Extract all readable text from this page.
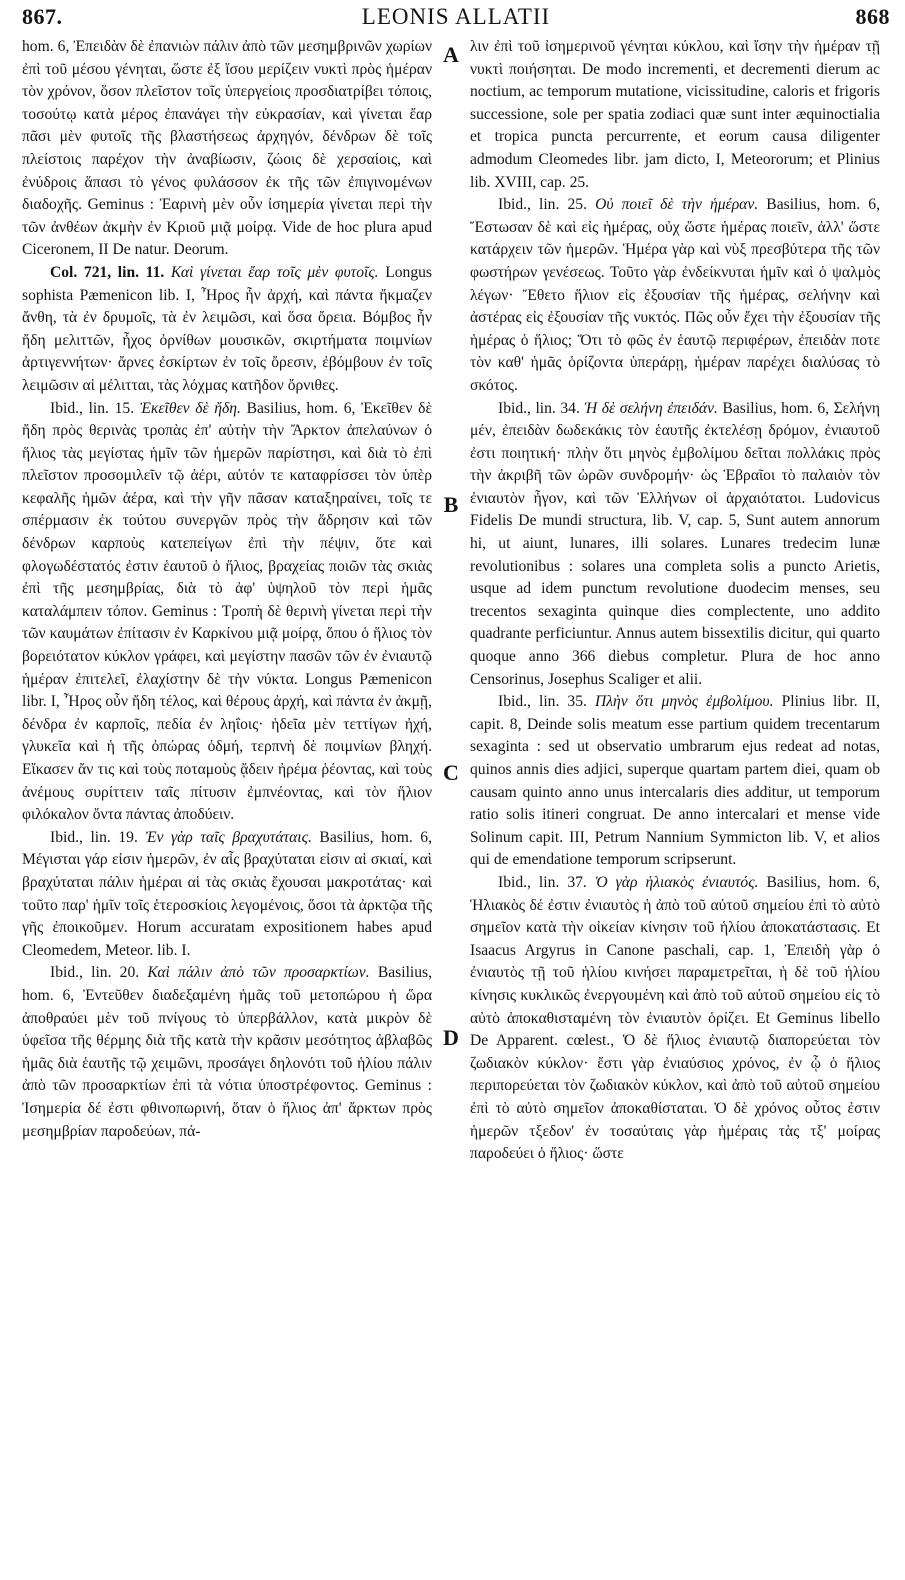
867.	LEONIS ALLATII	868
A
B
C
D

hom. 6, Ἐπειδὰν δὲ ἐπανιὼν πάλιν ἀπὸ τῶν μεσημβρινῶν χωρίων ἐπὶ τοῦ μέσου γένηται, ὥστε ἐξ ἴσου μερίζειν νυκτὶ πρὸς ἡμέραν τὸν χρόνον, ὅσον πλεῖστον τοῖς ὑπεργείοις προσδιατρίβει τόποις, τοσούτῳ κατὰ μέρος ἐπανάγει τὴν εὐκρασίαν, καὶ γίνεται ἔαρ πᾶσι μὲν φυτοῖς τῆς βλαστήσεως ἀρχηγόν, δένδρων δὲ τοῖς πλείστοις παρέχον τὴν ἀναβίωσιν, ζώοις δὲ χερσαίοις, καὶ ἐνύδροις ἅπασι τὸ γένος φυλάσσον ἐκ τῆς τῶν ἐπιγινομένων διαδοχῆς. Geminus : Ἐαρινὴ μὲν οὖν ἰσημερία γίνεται περὶ τὴν τῶν ἀνθέων ἀκμὴν ἐν Κριοῦ μιᾷ μοίρᾳ. Vide de hoc plura apud Ciceronem, II De natur. Deorum.

Col. 721, lin. 11. Καὶ γίνεται ἔαρ τοῖς μὲν φυτοῖς. Longus sophista Pæmenicon lib. I, Ἦρος ἦν ἀρχή, καὶ πάντα ἤκμαζεν ἄνθη, τὰ ἐν δρυμοῖς, τὰ ἐν λειμῶσι, καὶ ὅσα ὄρεια. Βόμβος ἦν ἤδη μελιττῶν, ἦχος ὀρνίθων μουσικῶν, σκιρτήματα ποιμνίων ἀρτιγεννήτων· ἄρνες ἐσκίρτων ἐν τοῖς ὄρεσιν, ἐβόμβουν ἐν τοῖς λειμῶσιν αἱ μέλιτται, τὰς λόχμας κατῆδον ὄρνιθες.

Ibid., lin. 15. Ἐκεῖθεν δὲ ἤδη. Basilius, hom. 6, Ἐκεῖθεν δὲ ἤδη πρὸς θερινὰς τροπὰς ἐπ' αὐτὴν τὴν Ἄρκτον ἀπελαύνων ὁ ἥλιος τὰς μεγίστας ἡμῖν τῶν ἡμερῶν παρίστησι, καὶ διὰ τὸ ἐπὶ πλεῖστον προσομιλεῖν τῷ ἀέρι, αὐτόν τε καταφρίσσει τὸν ὑπὲρ κεφαλῆς ἡμῶν ἀέρα, καὶ τὴν γῆν πᾶσαν καταξηραίνει, τοῖς τε σπέρμασιν ἐκ τούτου συνεργῶν πρὸς τὴν ἅδρησιν καὶ τῶν δένδρων καρποὺς κατεπείγων ἐπὶ τὴν πέψιν, ὅτε καὶ φλογωδέστατός ἐστιν ἑαυτοῦ ὁ ἥλιος, βραχείας ποιῶν τὰς σκιὰς ἐπὶ τῆς μεσημβρίας, διὰ τὸ ἀφ' ὑψηλοῦ τὸν περὶ ἡμᾶς καταλάμπειν τόπον. Geminus : Τροπὴ δὲ θερινὴ γίνεται περὶ τὴν τῶν καυμάτων ἐπίτασιν ἐν Καρκίνου μιᾷ μοίρᾳ, ὅπου ὁ ἥλιος τὸν βορειότατον κύκλον γράφει, καὶ μεγίστην πασῶν τῶν ἐν ἐνιαυτῷ ἡμέραν ἐπιτελεῖ, ἐλαχίστην δὲ τὴν νύκτα. Longus Pæmenicon libr. I, Ἦρος οὖν ἤδη τέλος, καὶ θέρους ἀρχή, καὶ πάντα ἐν ἀκμῇ, δένδρα ἐν καρποῖς, πεδία ἐν ληΐοις· ἡδεῖα μὲν τεττίγων ἠχή, γλυκεῖα καὶ ἡ τῆς ὀπώρας ὀδμή, τερπνὴ δὲ ποιμνίων βληχή. Εἴκασεν ἄν τις καὶ τοὺς ποταμοὺς ᾄδειν ἠρέμα ῥέοντας, καὶ τοὺς ἀνέμους συρίττειν ταῖς πίτυσιν ἐμπνέοντας, καὶ τὸν ἥλιον φιλόκαλον ὄντα πάντας ἀποδύειν.

Ibid., lin. 19. Ἐν γὰρ ταῖς βραχυτάταις. Basilius, hom. 6, Μέγισται γάρ εἰσιν ἡμερῶν, ἐν αἷς βραχύταται εἰσιν αἱ σκιαί, καὶ βραχύταται πάλιν ἡμέραι αἱ τὰς σκιὰς ἔχουσαι μακροτάτας· καὶ τοῦτο παρ' ἡμῖν τοῖς ἑτεροσκίοις λεγομένοις, ὅσοι τὰ ἀρκτῷα τῆς γῆς ἐποικοῦμεν. Horum accuratam expositionem habes apud Cleomedem, Meteor. lib. I.

Ibid., lin. 20. Καὶ πάλιν ἀπὸ τῶν προσαρκτίων. Basilius, hom. 6, Ἐντεῦθεν διαδεξαμένη ἡμᾶς τοῦ μετοπώρου ἡ ὥρα ἀποθραύει μὲν τοῦ πνίγους τὸ ὑπερβάλλον, κατὰ μικρὸν δὲ ὑφεῖσα τῆς θέρμης διὰ τῆς κατὰ τὴν κρᾶσιν μεσότητος ἀβλαβῶς ἡμᾶς διὰ ἑαυτῆς τῷ χειμῶνι, προσάγει δηλονότι τοῦ ἡλίου πάλιν ἀπὸ τῶν προσαρκτίων ἐπὶ τὰ νότια ὑποστρέφοντος. Geminus : Ἰσημερία δέ ἐστι φθινοπωρινή, ὅταν ὁ ἥλιος ἀπ' ἄρκτων πρὸς μεσημβρίαν παροδεύων, πά-

λιν ἐπὶ τοῦ ἰσημερινοῦ γένηται κύκλου, καὶ ἴσην τὴν ἡμέραν τῇ νυκτὶ ποιήσηται. De modo incrementi, et decrementi dierum ac noctium, ac temporum mutatione, vicissitudine, caloris et frigoris successione, sole per spatia zodiaci quæ sunt inter æquinoctialia et tropica puncta percurrente, et eorum causa diligenter admodum Cleomedes libr. jam dicto, I, Meteororum; et Plinius lib. XVIII, cap. 25.

Ibid., lin. 25. Οὐ ποιεῖ δὲ τὴν ἡμέραν. Basilius, hom. 6, Ἔστωσαν δὲ καὶ εἰς ἡμέρας, οὐχ ὥστε ἡμέρας ποιεῖν, ἀλλ' ὥστε κατάρχειν τῶν ἡμερῶν. Ἡμέρα γὰρ καὶ νὺξ πρεσβύτερα τῆς τῶν φωστήρων γενέσεως. Τοῦτο γὰρ ἐνδείκνυται ἡμῖν καὶ ὁ ψαλμὸς λέγων· Ἔθετο ἥλιον εἰς ἐξουσίαν τῆς ἡμέρας, σελήνην καὶ ἀστέρας εἰς ἐξουσίαν τῆς νυκτός. Πῶς οὖν ἔχει τὴν ἐξουσίαν τῆς ἡμέρας ὁ ἥλιος; Ὅτι τὸ φῶς ἐν ἑαυτῷ περιφέρων, ἐπειδὰν ποτε τὸν καθ' ἡμᾶς ὁρίζοντα ὑπεράρῃ, ἡμέραν παρέχει διαλύσας τὸ σκότος.

Ibid., lin. 34. Ἡ δὲ σελήνη ἐπειδάν. Basilius, hom. 6, Σελήνη μέν, ἐπειδὰν δωδεκάκις τὸν ἑαυτῆς ἐκτελέσῃ δρόμον, ἐνιαυτοῦ ἐστι ποιητική· πλὴν ὅτι μηνὸς ἐμβολίμου δεῖται πολλάκις πρὸς τὴν ἀκριβῆ τῶν ὡρῶν συνδρομήν· ὡς Ἑβραῖοι τὸ παλαιὸν τὸν ἐνιαυτὸν ἦγον, καὶ τῶν Ἑλλήνων οἱ ἀρχαιότατοι. Ludovicus Fidelis De mundi structura, lib. V, cap. 5, Sunt autem annorum hi, ut aiunt, lunares, illi solares. Lunares tredecim lunæ revolutionibus : solares una completa solis a puncto Arietis, usque ad idem punctum revolutione duodecim menses, seu trecentos sexaginta quinque dies complectente, uno addito quadrante perficiuntur. Annus autem bissextilis dicitur, qui quarto quoque anno 366 diebus completur. Plura de hoc anno Censorinus, Josephus Scaliger et alii.

Ibid., lin. 35. Πλὴν ὅτι μηνὸς ἐμβολίμου. Plinius libr. II, capit. 8, Deinde solis meatum esse partium quidem trecentarum sexaginta : sed ut observatio umbrarum ejus redeat ad notas, quinos annis dies adjici, superque quartam partem diei, quam ob causam quinto anno unus intercalaris dies additur, ut temporum ratio solis itineri congruat. De anno intercalari et mense vide Solinum capit. III, Petrum Nannium Symmicton lib. V, et alios qui de emendatione temporum scripserunt.

Ibid., lin. 37. Ὁ γὰρ ἡλιακὸς ἐνιαυτός. Basilius, hom. 6, Ἡλιακὸς δέ ἐστιν ἐνιαυτὸς ἡ ἀπὸ τοῦ αὐτοῦ σημείου ἐπὶ τὸ αὐτὸ σημεῖον κατὰ τὴν οἰκείαν κίνησιν τοῦ ἡλίου ἀποκατάστασις. Et Isaacus Argyrus in Canone paschali, cap. 1, Ἐπειδὴ γὰρ ὁ ἐνιαυτὸς τῇ τοῦ ἡλίου κινήσει παραμετρεῖται, ἡ δὲ τοῦ ἡλίου κίνησις κυκλικῶς ἐνεργουμένη καὶ ἀπὸ τοῦ αὐτοῦ σημείου εἰς τὸ αὐτὸ ἀποκαθισταμένη τὸν ἐνιαυτὸν ὁρίζει. Et Geminus libello De Apparent. cœlest., Ὁ δὲ ἥλιος ἐνιαυτῷ διαπορεύεται τὸν ζωδιακὸν κύκλον· ἔστι γὰρ ἐνιαύσιος χρόνος, ἐν ᾧ ὁ ἥλιος περιπορεύεται τὸν ζωδιακὸν κύκλον, καὶ ἀπὸ τοῦ αὐτοῦ σημείου ἐπὶ τὸ αὐτὸ σημεῖον ἀποκαθίσταται. Ὁ δὲ χρόνος οὗτος ἐστιν ἡμερῶν τξεδον' ἐν τοσαύταις γὰρ ἡμέραις τὰς τξ' μοίρας παροδεύει ὁ ἥλιος· ὥστε
